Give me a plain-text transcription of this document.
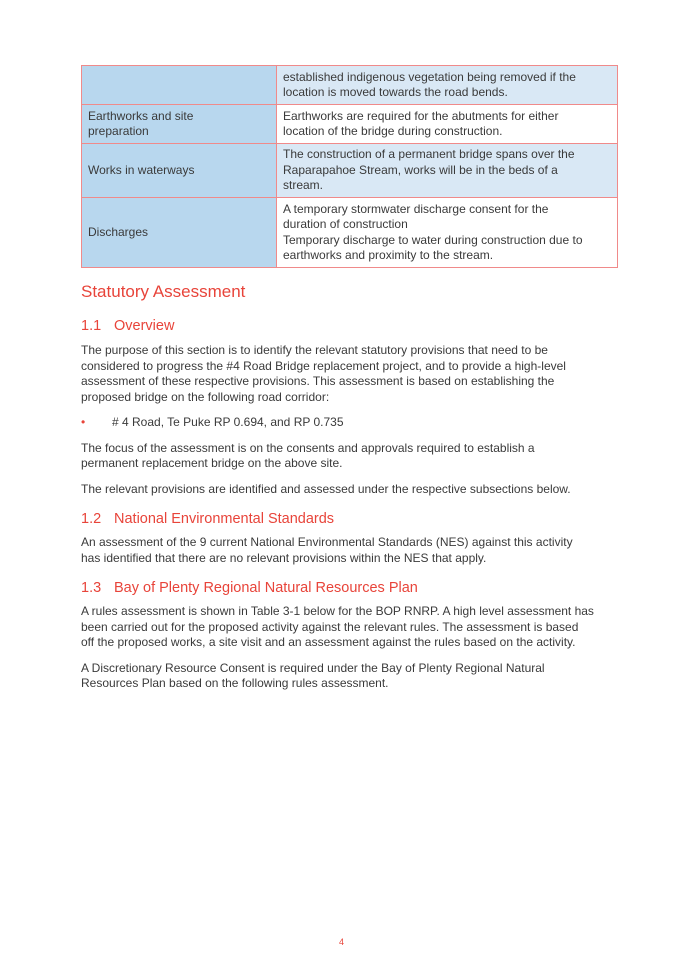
	established indigenous vegetation being removed if the
location is moved towards the road bends.

Earthworks and site
preparation	Earthworks are required for the abutments for either
location of the bridge during construction.

Works in waterways	The construction of a permanent bridge spans over the
Raparapahoe Stream, works will be in the beds of a
stream.

Discharges	A temporary stormwater discharge consent for the
duration of construction
Temporary discharge to water during construction due to
earthworks and proximity to the stream.
Statutory Assessment
1.1 Overview

The purpose of this section is to identify the relevant statutory provisions that need to be
considered to progress the #4 Road Bridge replacement project, and to provide a high-level
assessment of these respective provisions. This assessment is based on establishing the
proposed bridge on the following road corridor:

• # 4 Road, Te Puke RP 0.694, and RP 0.735

The focus of the assessment is on the consents and approvals required to establish a
permanent replacement bridge on the above site.

The relevant provisions are identified and assessed under the respective subsections below.

1.2 National Environmental Standards

An assessment of the 9 current National Environmental Standards (NES) against this activity
has identified that there are no relevant provisions within the NES that apply.

1.3 Bay of Plenty Regional Natural Resources Plan

A rules assessment is shown in Table 3-1 below for the BOP RNRP. A high level assessment has
been carried out for the proposed activity against the relevant rules. The assessment is based
off the proposed works, a site visit and an assessment against the rules based on the activity.

A Discretionary Resource Consent is required under the Bay of Plenty Regional Natural
Resources Plan based on the following rules assessment.

4
